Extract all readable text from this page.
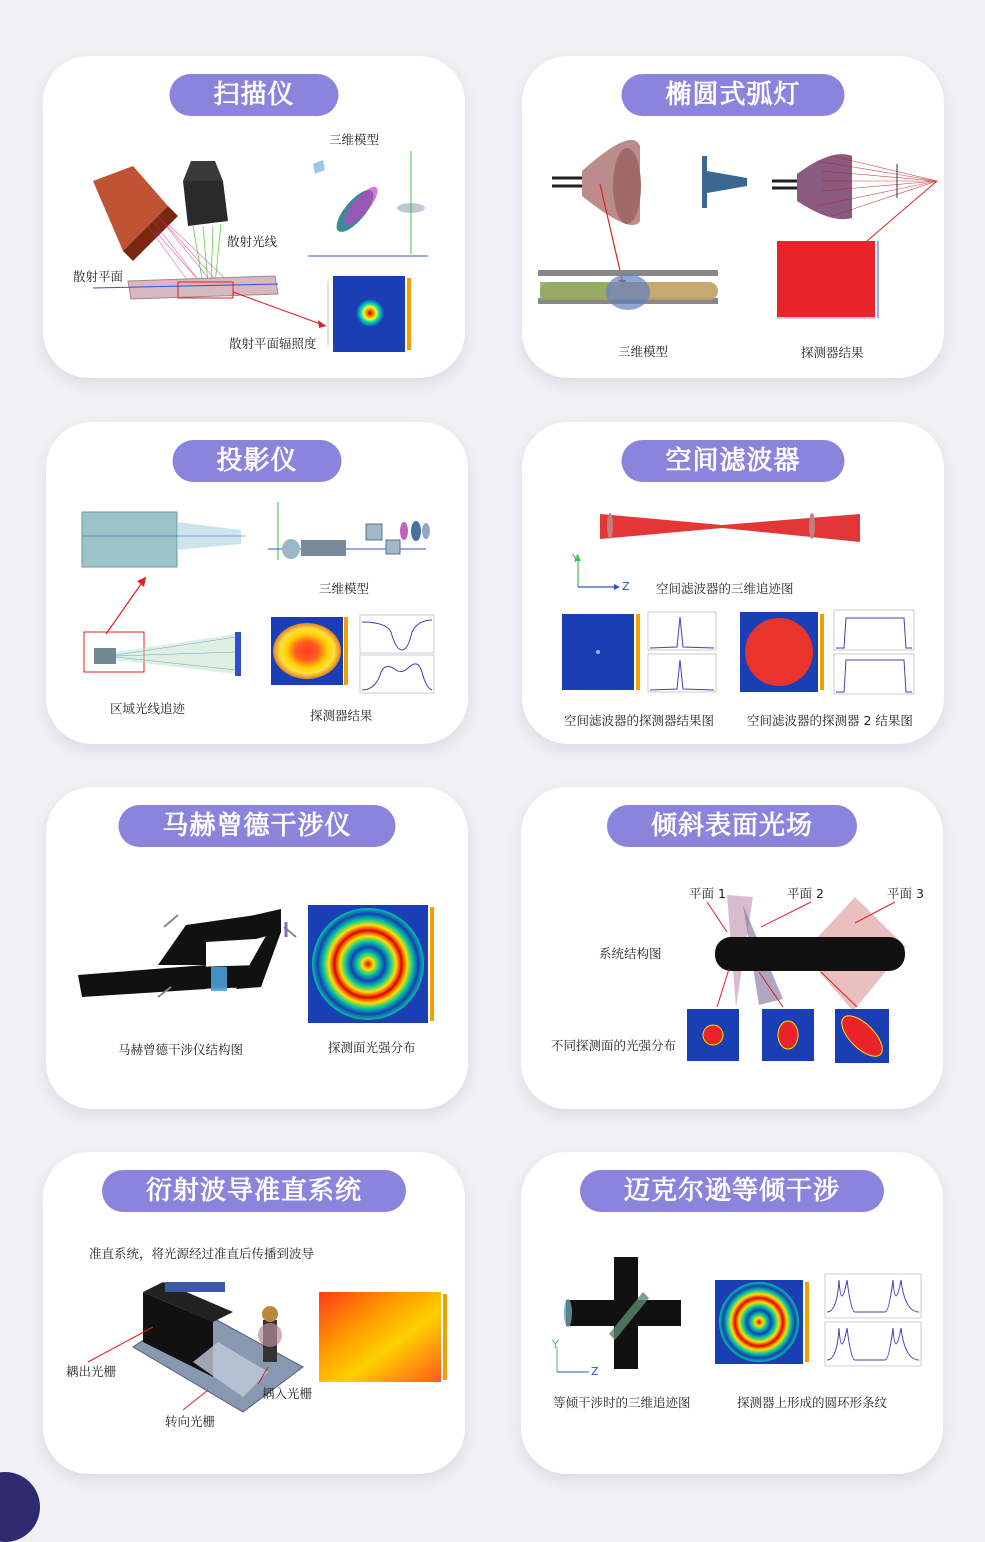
扫描仪
三维模型
散射光线
散射平面
散射平面辐照度
椭圆式弧灯
三维模型	探测器结果
投影仪
三维模型
区域光线追迹	探测器结果
空间滤波器
Y
Z 空间滤波器的三维追迹图
空间滤波器的探测器结果图	空间滤波器的探测器 2 结果图
马赫曾德干涉仪
马赫曾德干涉仪结构图	探测面光强分布
倾斜表面光场
平面 1	平面 2	平面 3
系统结构图
不同探测面的光强分布
衍射波导准直系统
准直系统，将光源经过准直后传播到波导
耦出光栅
耦入光栅
转向光栅
迈克尔逊等倾干涉
Y
Z
等倾干涉时的三维追迹图	探测器上形成的圆环形条纹
